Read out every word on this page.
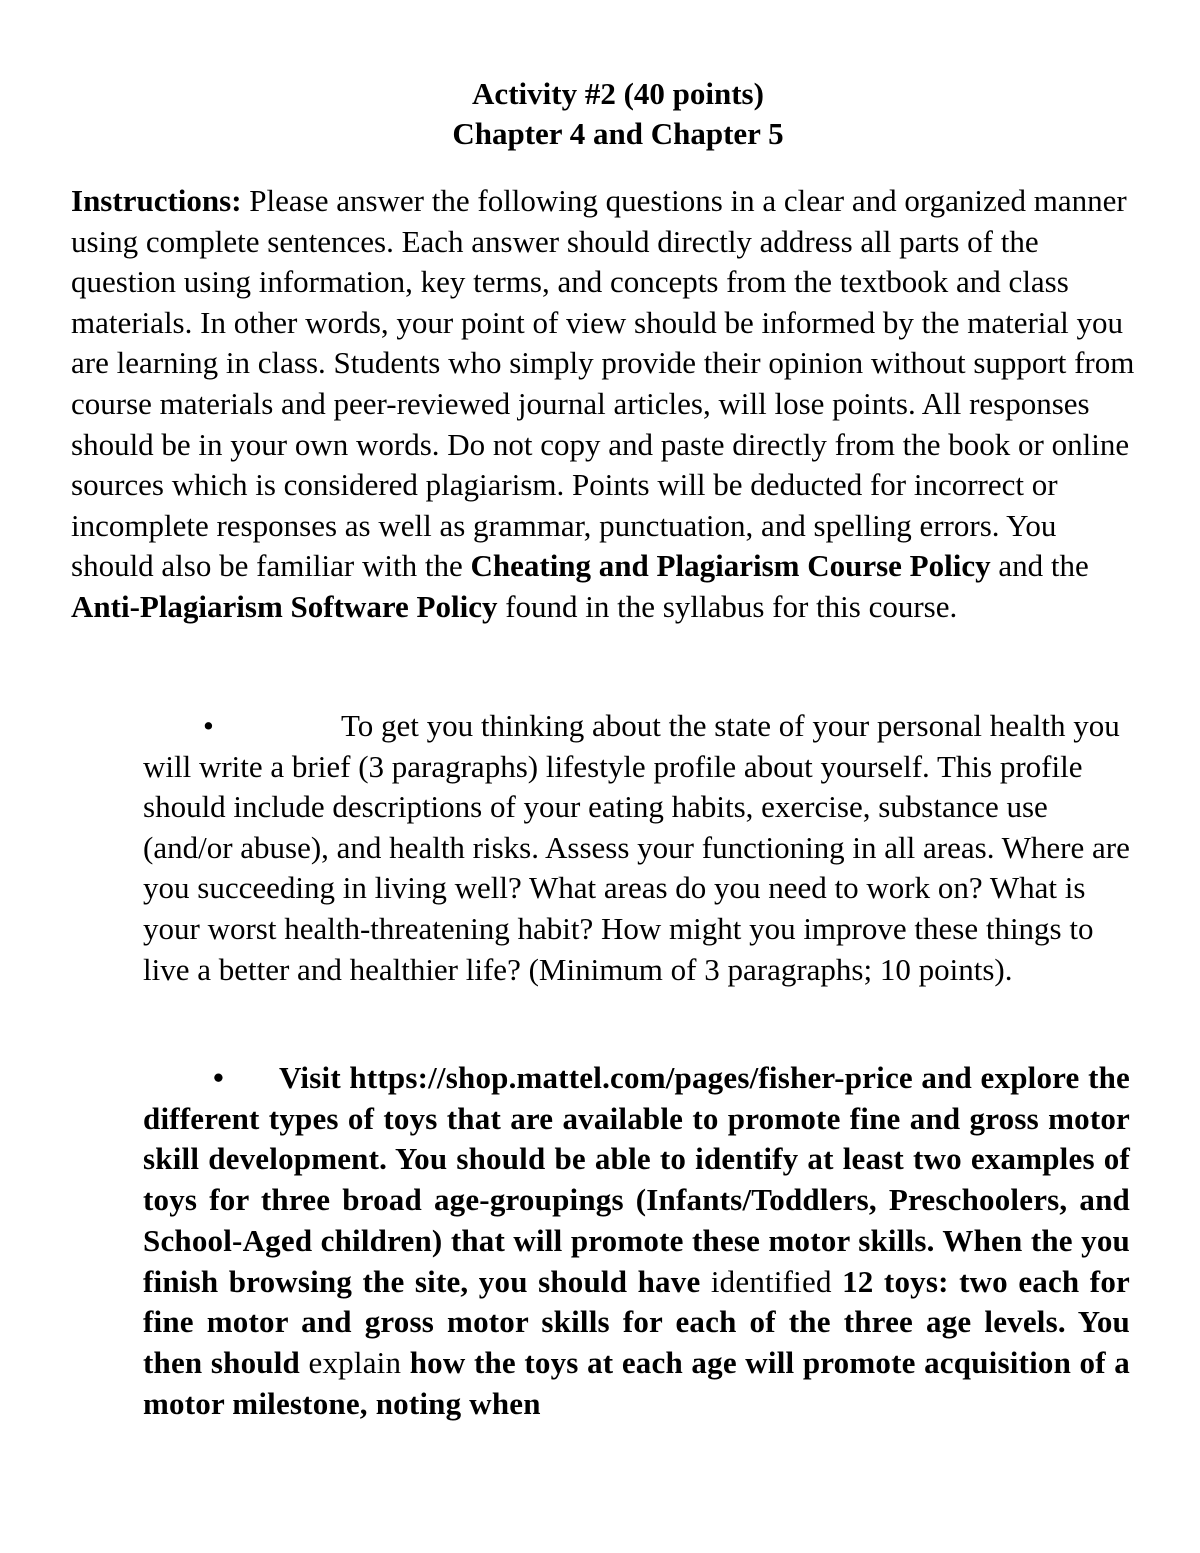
Activity #2 (40 points)
Chapter 4 and Chapter 5

Instructions: Please answer the following questions in a clear and organized manner using complete sentences. Each answer should directly address all parts of the question using information, key terms, and concepts from the textbook and class materials. In other words, your point of view should be informed by the material you are learning in class. Students who simply provide their opinion without support from course materials and peer-reviewed journal articles, will lose points. All responses should be in your own words. Do not copy and paste directly from the book or online sources which is considered plagiarism. Points will be deducted for incorrect or incomplete responses as well as grammar, punctuation, and spelling errors. You should also be familiar with the Cheating and Plagiarism Course Policy and the Anti-Plagiarism Software Policy found in the syllabus for this course.

•	To get you thinking about the state of your personal health you will write a brief (3 paragraphs) lifestyle profile about yourself. This profile should include descriptions of your eating habits, exercise, substance use (and/or abuse), and health risks. Assess your functioning in all areas. Where are you succeeding in living well? What areas do you need to work on? What is your worst health-threatening habit? How might you improve these things to live a better and healthier life? (Minimum of 3 paragraphs; 10 points).

• Visit https://shop.mattel.com/pages/fisher-price and explore the different types of toys that are available to promote fine and gross motor skill development. You should be able to identify at least two examples of toys for three broad age-groupings (Infants/Toddlers, Preschoolers, and School-Aged children) that will promote these motor skills. When the you finish browsing the site, you should have identified 12 toys: two each for fine motor and gross motor skills for each of the three age levels. You then should explain how the toys at each age will promote acquisition of a motor milestone, noting when
